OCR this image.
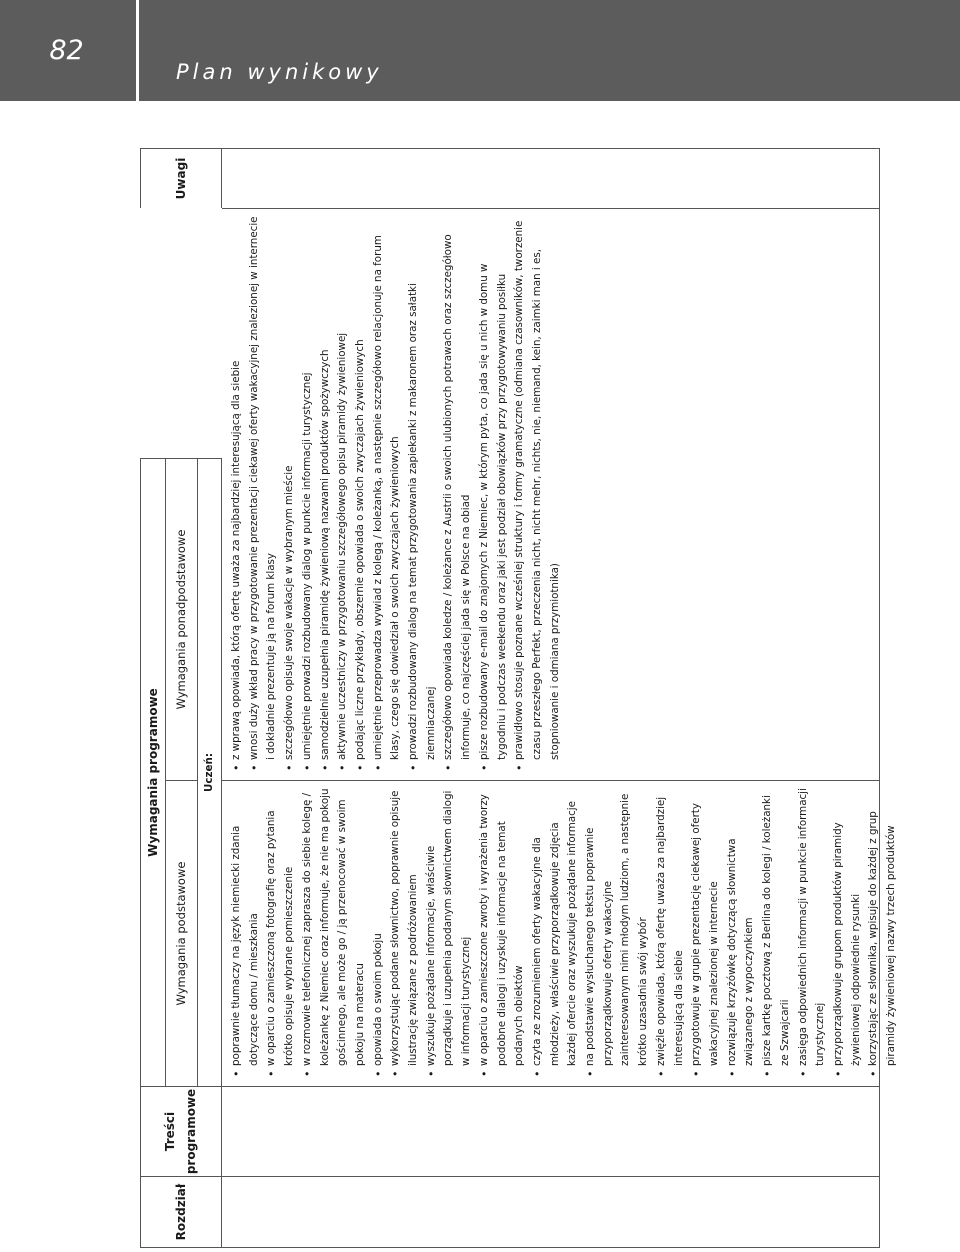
82
Plan wynikowy
Rozdział
Treści programowe
Wymagania programowe
Uwagi
Wymagania podstawowe
Wymagania ponadpodstawowe
Uczeń:
• poprawnie tłumaczy na język niemiecki zdania dotyczące domu / mieszkania • w oparciu o zamieszczoną fotografię oraz pytania krótko opisuje wybrane pomieszczenie • w rozmowie telefonicznej zaprasza do siebie kolegę / koleżankę z Niemiec oraz informuje, że nie ma pokoju gościnnego, ale może go / ją przenocować w swoim pokoju na materacu • opowiada o swoim pokoju • wykorzystując podane słownictwo, poprawnie opisuje ilustrację związane z podróżowaniem • wyszukuje pożądane informacje, właściwie porządkuje i uzupełnia podanym słownictwem dialogi w informacji turystycznej • w oparciu o zamieszczone zwroty i wyrażenia tworzy podobne dialogi i uzyskuje informacje na temat podanych obiektów • czyta ze zrozumieniem oferty wakacyjne dla młodzieży, właściwie przyporządkowuje zdjęcia każdej ofercie oraz wyszukuje pożądane informacje • na podstawie wysłuchanego tekstu poprawnie przyporządkowuje oferty wakacyjne zainteresowanym nimi młodym ludziom, a następnie krótko uzasadnia swój wybór • zwięźle opowiada, którą ofertę uważa za najbardziej interesującą dla siebie • przygotowuje w grupie prezentację ciekawej oferty wakacyjnej znalezionej w internecie • rozwiązuje krzyżówkę dotyczącą słownictwa związanego z wypoczynkiem • pisze kartkę pocztową z Berlina do kolegi / koleżanki ze Szwajcarii • zasięga odpowiednich informacji w punkcie informacji turystycznej • przyporządkowuje grupom produktów piramidy żywieniowej odpowiednie rysunki • korzystając ze słownika, wpisuje do każdej z grup piramidy żywieniowej nazwy trzech produktów
• z wprawą opowiada, którą ofertę uważa za najbardziej interesującą dla siebie • wnosi duży wkład pracy w przygotowanie prezentacji ciekawej oferty wakacyjnej znalezionej w internecie i dokładnie prezentuje ją na forum klasy • szczegółowo opisuje swoje wakacje w wybranym mieście • umiejętnie prowadzi rozbudowany dialog w punkcie informacji turystycznej • samodzielnie uzupełnia piramidę żywieniową nazwami produktów spożywczych • aktywnie uczestniczy w przygotowaniu szczegółowego opisu piramidy żywieniowej • podając liczne przykłady, obszernie opowiada o swoich zwyczajach żywieniowych • umiejętnie przeprowadza wywiad z kolegą / koleżanką, a następnie szczegółowo relacjonuje na forum klasy, czego się dowiedział o swoich zwyczajach żywieniowych • prowadzi rozbudowany dialog na temat przygotowania zapiekanki z makaronem oraz sałatki ziemniaczanej • szczegółowo opowiada koledze / koleżance z Austrii o swoich ulubionych potrawach oraz szczegółowo informuje, co najczęściej jada się w Polsce na obiad • pisze rozbudowany e-mail do znajomych z Niemiec, w którym pyta, co jada się u nich w domu w tygodniu i podczas weekendu oraz jaki jest podział obowiązków przy przygotowywaniu posiłku • prawidłowo stosuje poznane wcześniej struktury i formy gramatyczne (odmiana czasowników, tworzenie czasu przeszłego Perfekt, przeczenia nicht, nicht mehr, nichts, nie, niemand, kein, zaimki man i es, stopniowanie i odmiana przymiotnika)
